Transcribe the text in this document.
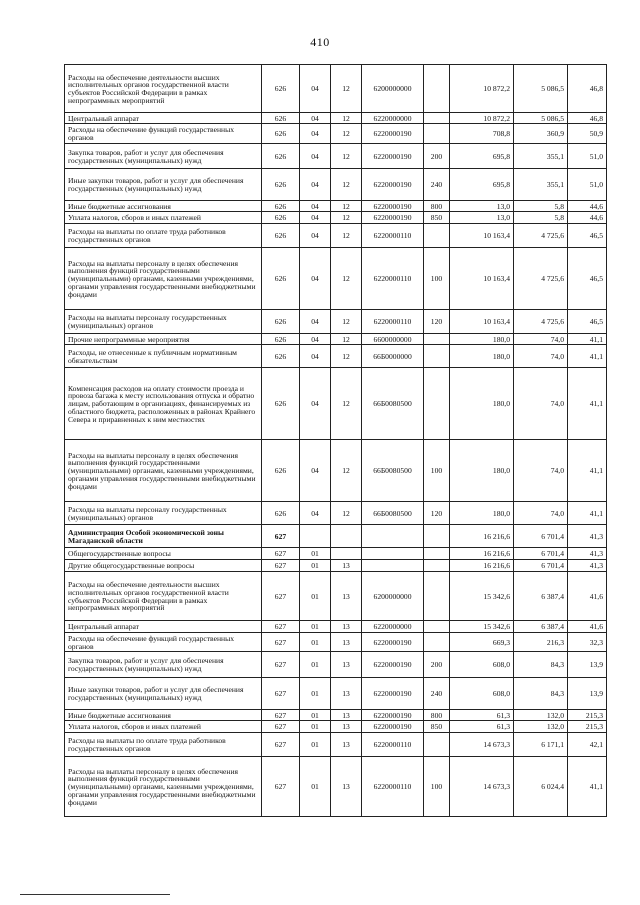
410
Расходы на обеспечение деятельности высших исполнительных органов государственной власти субъектов Российской Федерации в рамках непрограммных мероприятий	626	04	12	6200000000		10 872,2	5 086,5	46,8
Центральный аппарат	626	04	12	6220000000		10 872,2	5 086,5	46,8
Расходы на обеспечение функций государственных органов	626	04	12	6220000190		708,8	360,9	50,9
Закупка товаров, работ и услуг для обеспечения государственных (муниципальных) нужд	626	04	12	6220000190	200	695,8	355,1	51,0
Иные закупки товаров, работ и услуг для обеспечения государственных (муниципальных) нужд	626	04	12	6220000190	240	695,8	355,1	51,0
Иные бюджетные ассигнования	626	04	12	6220000190	800	13,0	5,8	44,6
Уплата налогов, сборов и иных платежей	626	04	12	6220000190	850	13,0	5,8	44,6
Расходы на выплаты по оплате труда работников государственных органов	626	04	12	6220000110		10 163,4	4 725,6	46,5
Расходы на выплаты персоналу в целях обеспечения выполнения функций государственными (муниципальными) органами, казенными учреждениями, органами управления государственными внебюджетными фондами	626	04	12	6220000110	100	10 163,4	4 725,6	46,5
Расходы на выплаты персоналу государственных (муниципальных) органов	626	04	12	6220000110	120	10 163,4	4 725,6	46,5
Прочие непрограммные мероприятия	626	04	12	6600000000		180,0	74,0	41,1
Расходы, не отнесенные к публичным нормативным обязательствам	626	04	12	66Б0000000		180,0	74,0	41,1
Компенсация расходов на оплату стоимости проезда и провоза багажа к месту использования отпуска и обратно лицам, работающим в организациях, финансируемых из областного бюджета, расположенных в районах Крайнего Севера и приравненных к ним местностях	626	04	12	66Б0080500		180,0	74,0	41,1
Расходы на выплаты персоналу в целях обеспечения выполнения функций государственными (муниципальными) органами, казенными учреждениями, органами управления государственными внебюджетными фондами	626	04	12	66Б0080500	100	180,0	74,0	41,1
Расходы на выплаты персоналу государственных (муниципальных) органов	626	04	12	66Б0080500	120	180,0	74,0	41,1
Администрация Особой экономической зоны Магаданской области	627					16 216,6	6 701,4	41,3
Общегосударственные вопросы	627	01				16 216,6	6 701,4	41,3
Другие общегосударственные вопросы	627	01	13			16 216,6	6 701,4	41,3
Расходы на обеспечение деятельности высших исполнительных органов государственной власти субъектов Российской Федерации в рамках непрограммных мероприятий	627	01	13	6200000000		15 342,6	6 387,4	41,6
Центральный аппарат	627	01	13	6220000000		15 342,6	6 387,4	41,6
Расходы на обеспечение функций государственных органов	627	01	13	6220000190		669,3	216,3	32,3
Закупка товаров, работ и услуг для обеспечения государственных (муниципальных) нужд	627	01	13	6220000190	200	608,0	84,3	13,9
Иные закупки товаров, работ и услуг для обеспечения государственных (муниципальных) нужд	627	01	13	6220000190	240	608,0	84,3	13,9
Иные бюджетные ассигнования	627	01	13	6220000190	800	61,3	132,0	215,3
Уплата налогов, сборов и иных платежей	627	01	13	6220000190	850	61,3	132,0	215,3
Расходы на выплаты по оплате труда работников государственных органов	627	01	13	6220000110		14 673,3	6 171,1	42,1
Расходы на выплаты персоналу в целях обеспечения выполнения функций государственными (муниципальными) органами, казенными учреждениями, органами управления государственными внебюджетными фондами	627	01	13	6220000110	100	14 673,3	6 024,4	41,1
